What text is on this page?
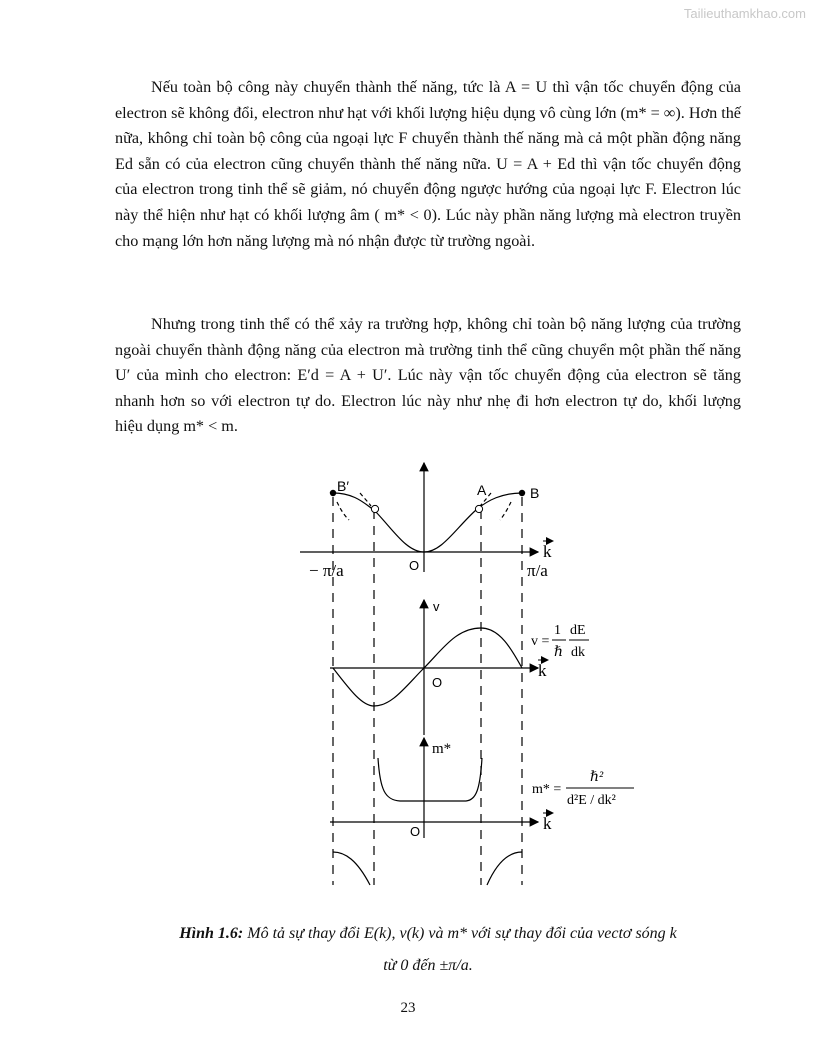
Tailieuthamkhao.com

Nếu toàn bộ công này chuyển thành thế năng, tức là A = U thì vận tốc chuyển động của electron sẽ không đổi, electron như hạt với khối lượng hiệu dụng vô cùng lớn (m* = ∞). Hơn thế nữa, không chỉ toàn bộ công của ngoại lực F chuyển thành thế năng mà cả một phần động năng Ed sẵn có của electron cũng chuyển thành thế năng nữa. U = A + Ed thì vận tốc chuyển động của electron trong tinh thể sẽ giảm, nó chuyển động ngược hướng của ngoại lực F. Electron lúc này thể hiện như hạt có khối lượng âm ( m* < 0). Lúc này phần năng lượng mà electron truyền cho mạng lớn hơn năng lượng mà nó nhận được từ trường ngoài.

Nhưng trong tinh thể có thể xảy ra trường hợp, không chỉ toàn bộ năng lượng của trường ngoài chuyển thành động năng của electron mà trường tinh thể cũng chuyển một phần thế năng U′ của mình cho electron: E′d = A + U′. Lúc này vận tốc chuyển động của electron sẽ tăng nhanh hơn so với electron tự do. Electron lúc này như nhẹ đi hơn electron tự do, khối lượng hiệu dụng m* < m.

B′	A	B
k
O
− π/a	π/a
v
O
k
v =
1
ℏ
dE
dk
m*
O	k
m* =
ℏ²
d²E / dk²
Hình 1.6: Mô tả sự thay đổi E(k), v(k) và m* với sự thay đổi của vectơ sóng k
từ 0 đến ±π/a.
23
